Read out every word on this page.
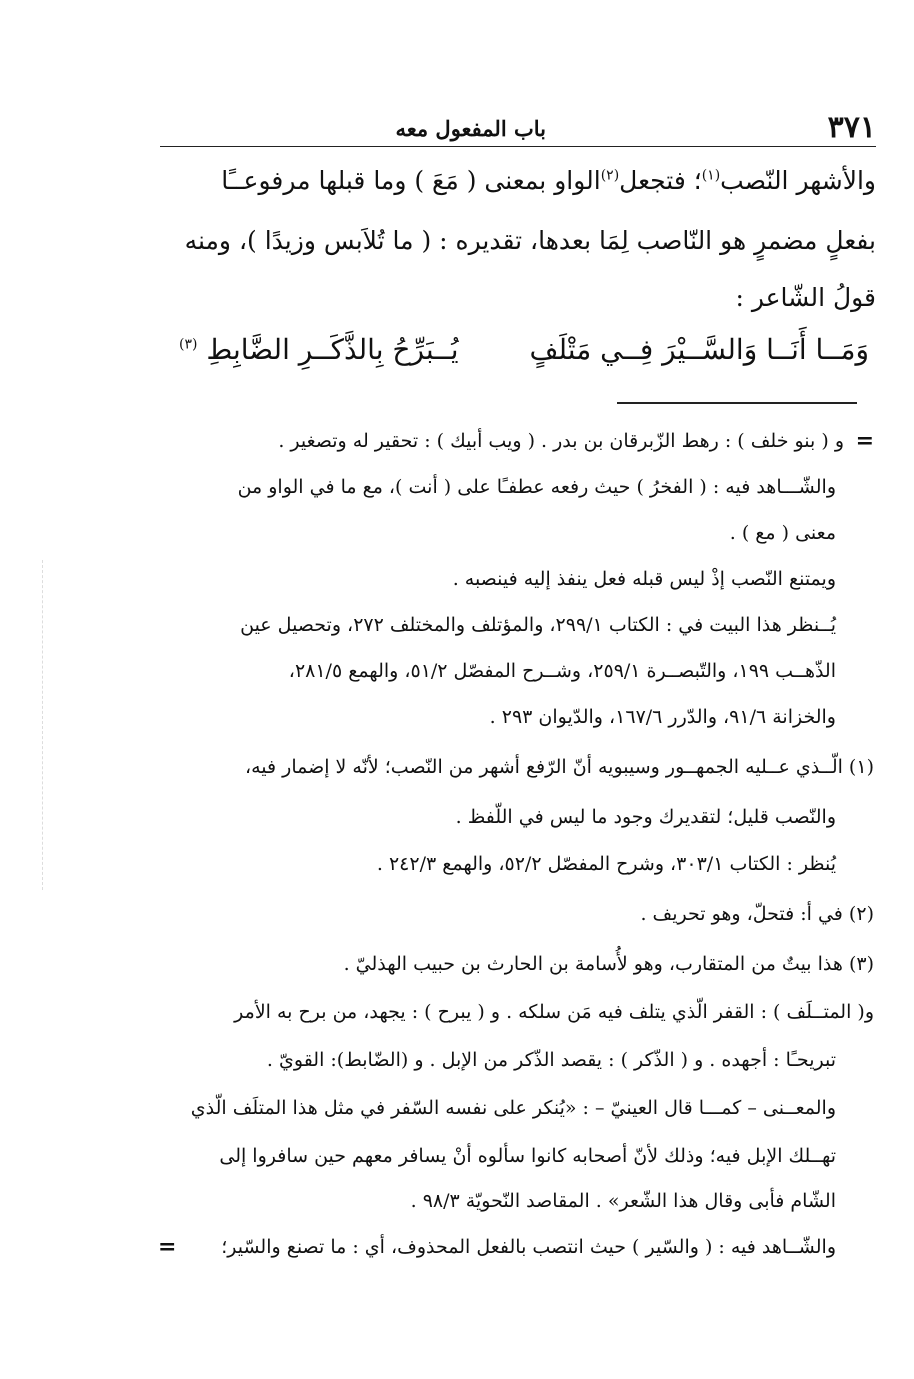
٣٧١
باب المفعول معه
والأشهر النّصب$^{(١)}$؛ فتجعل$^{(٢)}$الواو بمعنى ( مَعَ ) وما قبلها مرفوعــًا
بفعلٍ مضمرٍ هو النّاصب لِمَا بعدها، تقديره : ( ما تُلاَبس وزيدًا )، ومنه
قولُ الشّاعر :
وَمَــا أَنَــا وَالسَّــيْرَ فِــي مَتْلَفٍ
يُــبَرِّحُ بِالذَّكَــرِ الضَّابِطِ $^{(٣)}$
=
و ( بنو خلف ) : رهط الزّبرقان بن بدر . ( ويب أبيك ) : تحقير له وتصغير .
والشّـــاهد فيه : ( الفخرُ ) حيث رفعه عطفـًا على ( أنت )، مع ما في الواو من
معنى ( مع ) .
ويمتنع النّصب إذْ ليس قبله فعل ينفذ إليه فينصبه .
يُــنظر هذا البيت في : الكتاب ٢٩٩/١، والمؤتلف والمختلف ٢٧٢، وتحصيل عين
الذّهــب ١٩٩، والتّبصــرة ٢٥٩/١، وشــرح المفصّل ٥١/٢، والهمع ٢٨١/٥،
والخزانة ٩١/٦، والدّرر ١٦٧/٦، والدّيوان ٢٩٣ .
(١) الّــذي عــليه الجمهــور وسيبويه أنّ الرّفع أشهر من النّصب؛ لأنّه لا إضمار فيه،
والنّصب قليل؛ لتقديرك وجود ما ليس في اللّفظ .
يُنظر : الكتاب ٣٠٣/١، وشرح المفصّل ٥٢/٢، والهمع ٢٤٢/٣ .
(٢) في أ: فتحلّ، وهو تحريف .
(٣) هذا بيتٌ من المتقارب، وهو لأُسامة بن الحارث بن حبيب الهذليّ .
و( المتــلَف ) : القفر الّذي يتلف فيه مَن سلكه . و ( يبرح ) : يجهد، من برح به الأمر
تبريحـًا : أجهده . و ( الذّكر ) : يقصد الذّكر من الإبل . و (الضّابط): القويّ .
والمعــنى – كمـــا قال العينيّ – : «يُنكر على نفسه السّفر في مثل هذا المتلَف الّذي
تهــلك الإبل فيه؛ وذلك لأنّ أصحابه كانوا سألوه أنْ يسافر معهم حين سافروا إلى
الشّام فأبى وقال هذا الشّعر» . المقاصد النّحويّة ٩٨/٣ .
والشّــاهد فيه : ( والسّير ) حيث انتصب بالفعل المحذوف، أي : ما تصنع والسّير؛
=
